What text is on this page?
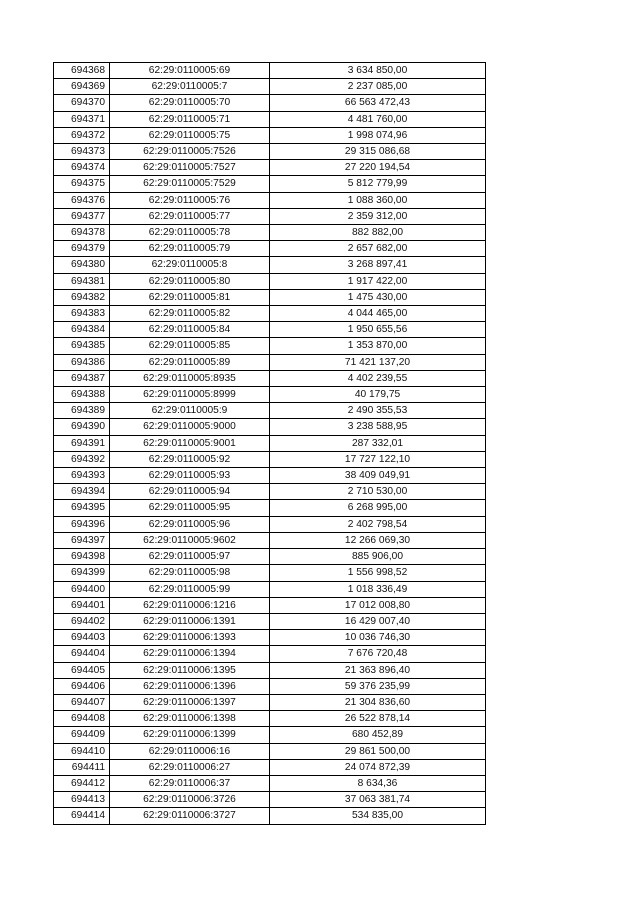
694368	62:29:0110005:69	3 634 850,00
694369	62:29:0110005:7	2 237 085,00
694370	62:29:0110005:70	66 563 472,43
694371	62:29:0110005:71	4 481 760,00
694372	62:29:0110005:75	1 998 074,96
694373	62:29:0110005:7526	29 315 086,68
694374	62:29:0110005:7527	27 220 194,54
694375	62:29:0110005:7529	5 812 779,99
694376	62:29:0110005:76	1 088 360,00
694377	62:29:0110005:77	2 359 312,00
694378	62:29:0110005:78	882 882,00
694379	62:29:0110005:79	2 657 682,00
694380	62:29:0110005:8	3 268 897,41
694381	62:29:0110005:80	1 917 422,00
694382	62:29:0110005:81	1 475 430,00
694383	62:29:0110005:82	4 044 465,00
694384	62:29:0110005:84	1 950 655,56
694385	62:29:0110005:85	1 353 870,00
694386	62:29:0110005:89	71 421 137,20
694387	62:29:0110005:8935	4 402 239,55
694388	62:29:0110005:8999	40 179,75
694389	62:29:0110005:9	2 490 355,53
694390	62:29:0110005:9000	3 238 588,95
694391	62:29:0110005:9001	287 332,01
694392	62:29:0110005:92	17 727 122,10
694393	62:29:0110005:93	38 409 049,91
694394	62:29:0110005:94	2 710 530,00
694395	62:29:0110005:95	6 268 995,00
694396	62:29:0110005:96	2 402 798,54
694397	62:29:0110005:9602	12 266 069,30
694398	62:29:0110005:97	885 906,00
694399	62:29:0110005:98	1 556 998,52
694400	62:29:0110005:99	1 018 336,49
694401	62:29:0110006:1216	17 012 008,80
694402	62:29:0110006:1391	16 429 007,40
694403	62:29:0110006:1393	10 036 746,30
694404	62:29:0110006:1394	7 676 720,48
694405	62:29:0110006:1395	21 363 896,40
694406	62:29:0110006:1396	59 376 235,99
694407	62:29:0110006:1397	21 304 836,60
694408	62:29:0110006:1398	26 522 878,14
694409	62:29:0110006:1399	680 452,89
694410	62:29:0110006:16	29 861 500,00
694411	62:29:0110006:27	24 074 872,39
694412	62:29:0110006:37	8 634,36
694413	62:29:0110006:3726	37 063 381,74
694414	62:29:0110006:3727	534 835,00
